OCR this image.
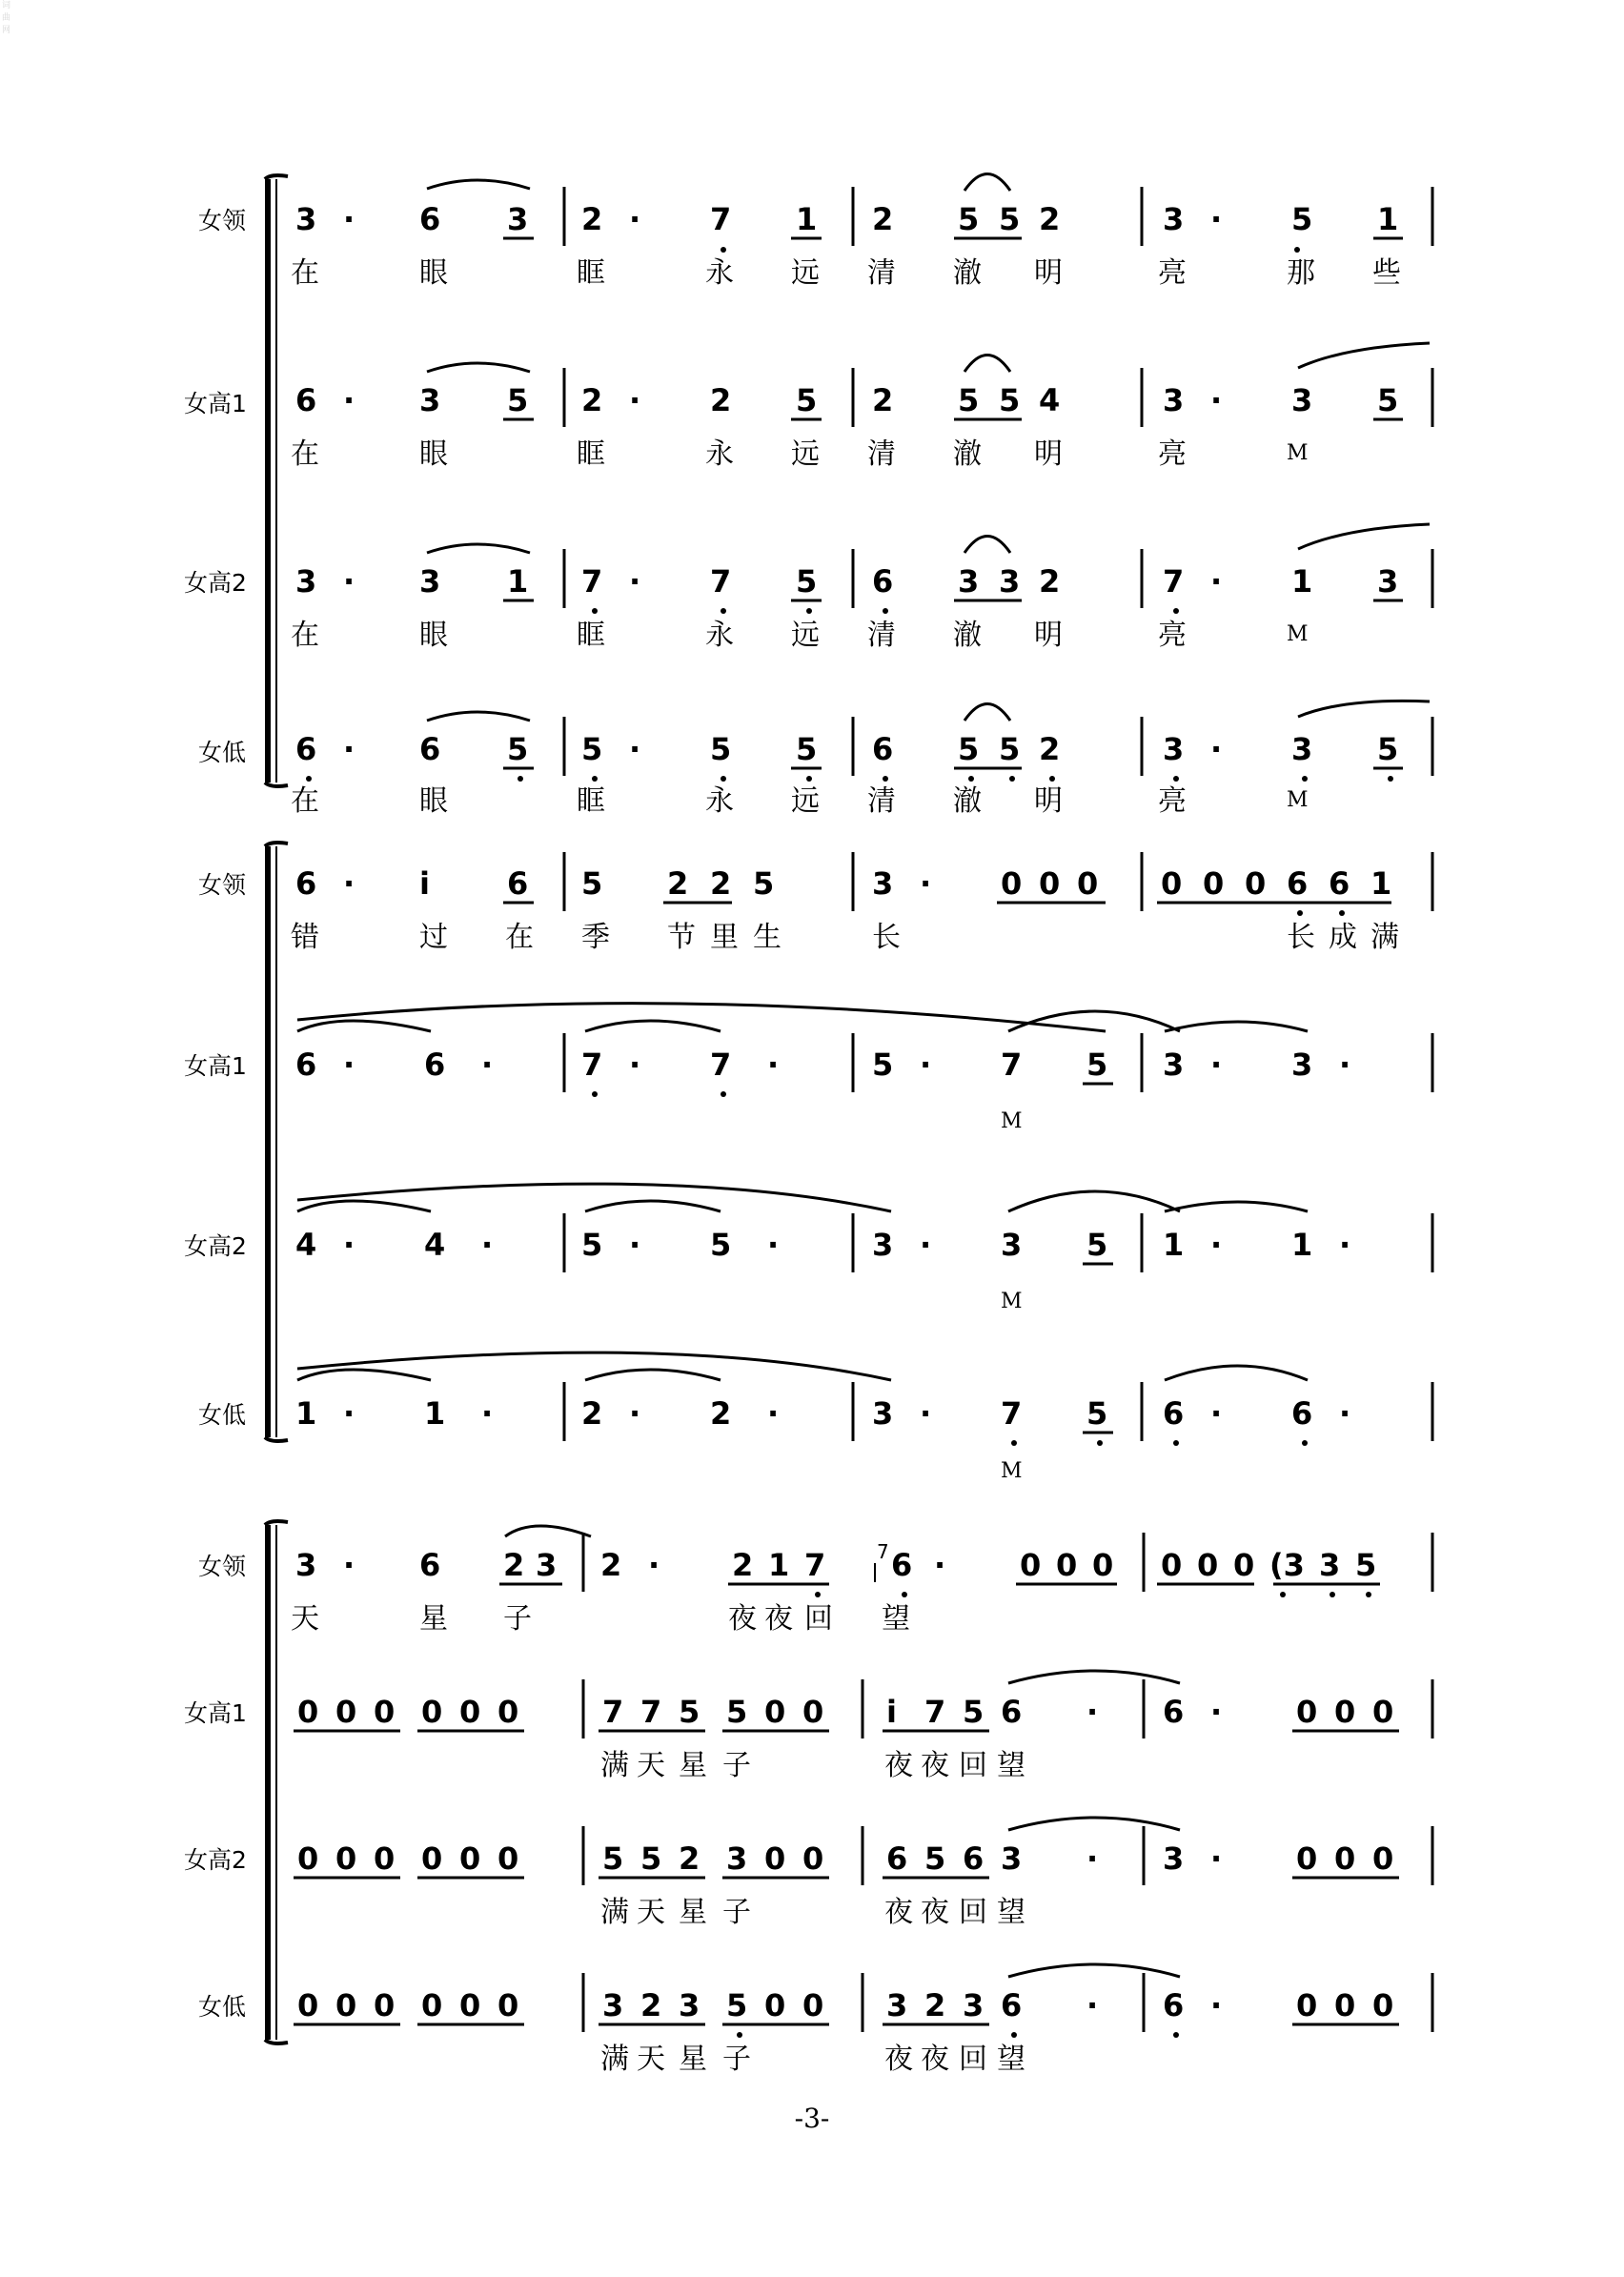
词曲网
女领
女高1
女高2
女低
3 · 6 3 2 · 7 1 2 5 5 2	3 · 5 1
在	眼	眶	永 远 清 澈 明	亮	那 些
6 · 3 5 2 · 2 5 2 5 5 4	3 · 3 5
在	眼	眶	永 远 清 澈 明	亮	M
3 · 3 1 7 · 7 5 6 3 3 2	7 · 1 3
在	眼	眶	永 远 清 澈 明	亮	M
6 · 6 5 5 · 5 5 6 5 5 2	3 · 3 5
在	眼	眶	永 远 清 澈 明	亮	M
女领
女高1
女高2
女低
6 · i	6 5 2 2 5	3 · 0 0 0 0 0 0 6 6 1
错	过 在 季 节 里 生	长	长 成 满
6 · 6 ·	7 · 7 ·	5 · 7 5 3 · 3 ·
M
4 · 4 ·	5 · 5 ·	3 · 3 5 1 · 1 ·
M
1 · 1 ·	2 · 2 ·	3 · 7 5 6 · 6 ·
M
女领
女高1
女高2
女低
3 · 6 2 3 2 · 2 1 7	7 6 · 0 0 0 0 0 0 (3 3 5
天	星 子	夜 夜 回 望
0 0 0 0 0 0	7 7 5 5 0 0 i 7 5 6 · 6 · 0 0 0
满 天 星 子	夜 夜 回 望
0 0 0 0 0 0	5 5 2 3 0 0 6 5 6 3 · 3 · 0 0 0
满 天 星 子	夜 夜 回 望
0 0 0 0 0 0	3 2 3 5 0 0 3 2 3 6 · 6 · 0 0 0
满 天 星 子	夜 夜 回 望
-3-
